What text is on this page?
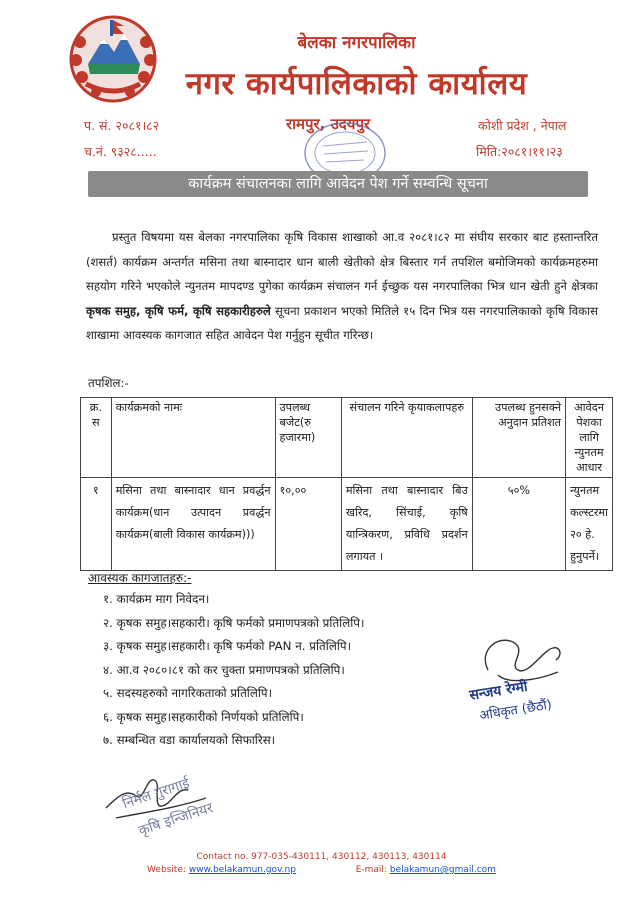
बेलका नगरपालिका
नगर कार्यपालिकाको कार्यालय
प. सं. २०८१।८२
च.नं. ९३२८.....
रामपुर, उदयपुर	कोशी प्रदेश , नेपाल
मिति:२०८१।११।२३
कार्यक्रम संचालनका लागि आवेदन पेश गर्ने सम्वन्धि सूचना
प्रस्तुत विषयमा यस बेलका नगरपालिका कृषि विकास शाखाको आ.व २०८१।८२ मा संघीय सरकार बाट हस्तान्तरित (शसर्त) कार्यक्रम अन्तर्गत मसिना तथा बास्नादार धान बाली खेतीको क्षेत्र बिस्तार गर्न तपशिल बमोजिमको कार्यक्रमहरुमा सहयोग गरिने भएकोले न्युनतम मापदण्ड पुगेका कार्यक्रम संचालन गर्न ईच्छुक यस नगरपालिका भित्र धान खेती हुने क्षेत्रका कृषक समुह, कृषि फर्म, कृषि सहकारीहरुले सूचना प्रकाशन भएको मितिले १५ दिन भित्र यस नगरपालिकाको कृषि विकास शाखामा आवस्यक कागजात सहित आवेदन पेश गर्नुहुन सूचीत गरिन्छ।
तपशिल:-
क्र. स	कार्यक्रमको नामः	उपलब्ध बजेट(रु हजारमा)	संचालन गरिने कृयाकलापहरु	उपलब्ध हुनसक्ने अनुदान प्रतिशत	आवेदन पेशका लागि न्युनतम आधार
१	मसिना तथा बास्नादार धान प्रवर्द्धन कार्यक्रम(धान उत्पादन प्रवर्द्धन कार्यक्रम(बाली विकास कार्यक्रम)))	१०,००	मसिना तथा बास्नादार बिउ खरिद, सिंचाई, कृषि यान्त्रिकरण, प्रविधि प्रदर्शन लगायत ।	५०%	न्युनतम कल्स्टरमा २० हे. हुनुपर्ने।
आवस्यक कागजातहरु:-
१. कार्यक्रम माग निवेदन।
२. कृषक समुह।सहकारी। कृषि फर्मको प्रमाणपत्रको प्रतिलिपि।
३. कृषक समुह।सहकारी। कृषि फर्मको PAN न. प्रतिलिपि।
४. आ.व २०८०।८१ को कर चुक्ता प्रमाणपत्रको प्रतिलिपि।
५. सदस्यहरुको नागरिकताको प्रतिलिपि।
६. कृषक समुह।सहकारीको निर्णयको प्रतिलिपि।
७. सम्बन्धित वडा कार्यालयको सिफारिस।
सन्जय रेग्मी
अधिकृत (छैठौं)
निर्मल गुरागाई
कृषि इन्जिनियर
Contact no. 977-035-430111, 430112, 430113, 430114
Website: www.belakamun.gov.np	E-mail: belakamun@gmail.com
